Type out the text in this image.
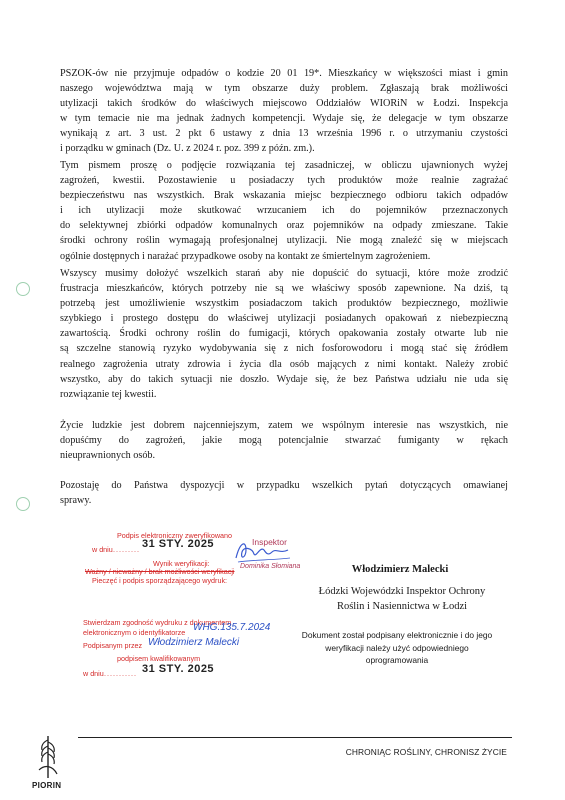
PSZOK-ów nie przyjmuje odpadów o kodzie 20 01 19*. Mieszkańcy w większości miast i gmin
naszego województwa mają w tym obszarze duży problem. Zgłaszają brak możliwości
utylizacji takich środków do właściwych miejscowo Oddziałów WIORiN w Łodzi. Inspekcja
w tym temacie nie ma jednak żadnych kompetencji. Wydaje się, że delegacje w tym obszarze
wynikają z art. 3 ust. 2 pkt 6 ustawy z dnia 13 września 1996 r. o utrzymaniu czystości
i porządku w gminach (Dz. U. z 2024 r. poz. 399 z późn. zm.).
Tym pismem proszę o podjęcie rozwiązania tej zasadniczej, w obliczu ujawnionych wyżej
zagrożeń, kwestii. Pozostawienie u posiadaczy tych produktów może realnie zagrażać
bezpieczeństwu nas wszystkich. Brak wskazania miejsc bezpiecznego odbioru takich odpadów
i ich utylizacji może skutkować wrzucaniem ich do pojemników przeznaczonych
do selektywnej zbiórki odpadów komunalnych oraz pojemników na odpady zmieszane. Takie
środki ochrony roślin wymagają profesjonalnej utylizacji. Nie mogą znaleźć się w miejscach
ogólnie dostępnych i narażać przypadkowe osoby na kontakt ze śmiertelnym zagrożeniem.
Wszyscy musimy dołożyć wszelkich starań aby nie dopuścić do sytuacji, które może zrodzić
frustracja mieszkańców, których potrzeby nie są we właściwy sposób zapewnione. Na dziś, tą
potrzebą jest umożliwienie wszystkim posiadaczom takich produktów bezpiecznego, możliwie
szybkiego i prostego dostępu do właściwej utylizacji posiadanych opakowań z niebezpieczną
zawartością. Środki ochrony roślin do fumigacji, których opakowania zostały otwarte lub nie
są szczelne stanowią ryzyko wydobywania się z nich fosforowodoru i mogą stać się źródłem
realnego zagrożenia utraty zdrowia i życia dla osób mających z nimi kontakt. Należy zrobić
wszystko, aby do takich sytuacji nie doszło. Wydaje się, że bez Państwa udziału nie uda się
rozwiązanie tej kwestii.
Życie ludzkie jest dobrem najcenniejszym, zatem we wspólnym interesie nas wszystkich, nie
dopuśćmy do zagrożeń, jakie mogą potencjalnie stwarzać fumiganty w rękach
nieuprawnionych osób.
Pozostaję do Państwa dyspozycji w przypadku wszelkich pytań dotyczących omawianej
sprawy.
Podpis elektroniczny zweryfikowano
w dniu ......... 31 STY. 2025
Wynik weryfikacji:
Ważny / nieważny / brak możliwości weryfikacji
Pieczęć i podpis sporządzającego wydruk:
Inspektor
Dominika Słomiana
Stwierdzam zgodność wydruku z dokumentem
elektronicznym o identyfikatorze WHG.135.7.2024
Podpisanym przez Włodzimierz Malecki
podpisem kwalifikowanym
w dniu ........... 31 STY. 2025
Włodzimierz Malecki
Łódzki Wojewódzki Inspektor Ochrony
Roślin i Nasiennictwa w Łodzi
Dokument został podpisany elektronicznie i do jego
weryfikacji należy użyć odpowiedniego
oprogramowania
CHRONIĄC ROŚLINY, CHRONISZ ŻYCIE
PIORIN
